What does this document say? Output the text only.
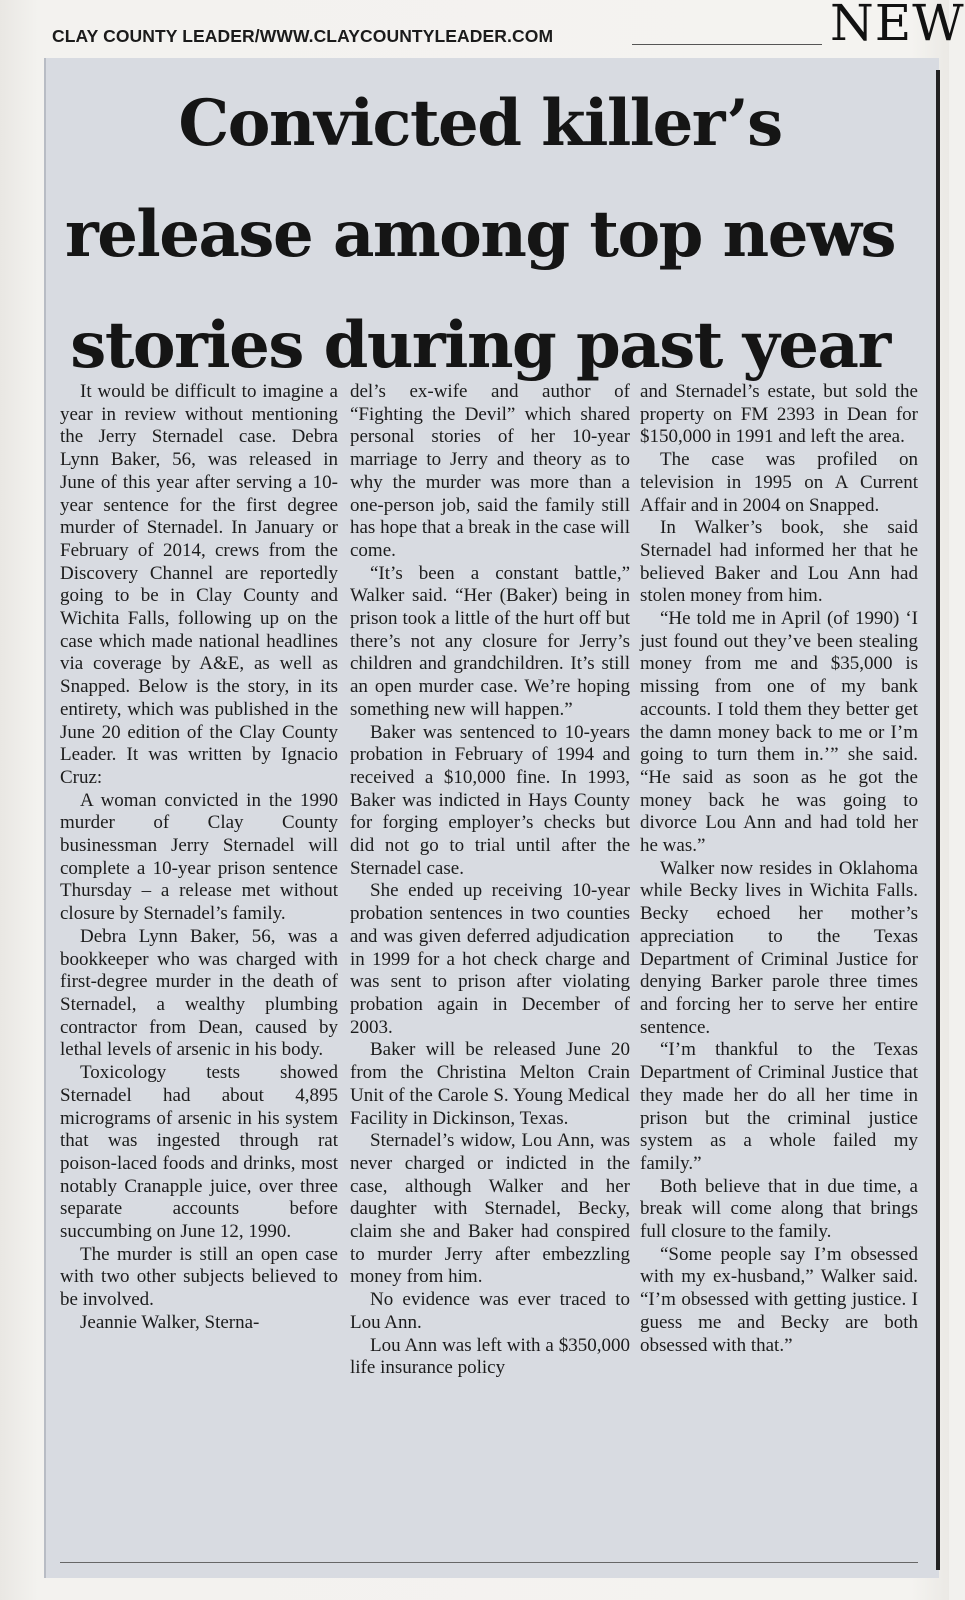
CLAY COUNTY LEADER/WWW.CLAYCOUNTYLEADER.COM	NEW
Convicted killer’s release among top news stories during past year

It would be difficult to imagine a year in review without mentioning the Jerry Sternadel case. Debra Lynn Baker, 56, was released in June of this year after serving a 10-year sentence for the first degree murder of Sternadel. In January or February of 2014, crews from the Discovery Channel are reportedly going to be in Clay County and Wichita Falls, following up on the case which made national headlines via coverage by A&E, as well as Snapped. Below is the story, in its entirety, which was published in the June 20 edition of the Clay County Leader. It was written by Ignacio Cruz:

A woman convicted in the 1990 murder of Clay County businessman Jerry Sternadel will complete a 10-year prison sentence Thursday – a release met without closure by Sternadel’s family.

Debra Lynn Baker, 56, was a bookkeeper who was charged with first-degree murder in the death of Sternadel, a wealthy plumbing contractor from Dean, caused by lethal levels of arsenic in his body.

Toxicology tests showed Sternadel had about 4,895 micrograms of arsenic in his system that was ingested through rat poison-laced foods and drinks, most notably Cranapple juice, over three separate accounts before succumbing on June 12, 1990.

The murder is still an open case with two other subjects believed to be involved.

Jeannie Walker, Sterna-

del’s ex-wife and author of “Fighting the Devil” which shared personal stories of her 10-year marriage to Jerry and theory as to why the murder was more than a one-person job, said the family still has hope that a break in the case will come.

“It’s been a constant battle,” Walker said. “Her (Baker) being in prison took a little of the hurt off but there’s not any closure for Jerry’s children and grandchildren. It’s still an open murder case. We’re hoping something new will happen.”

Baker was sentenced to 10-years probation in February of 1994 and received a $10,000 fine. In 1993, Baker was indicted in Hays County for forging employer’s checks but did not go to trial until after the Sternadel case.

She ended up receiving 10-year probation sentences in two counties and was given deferred adjudication in 1999 for a hot check charge and was sent to prison after violating probation again in December of 2003.

Baker will be released June 20 from the Christina Melton Crain Unit of the Carole S. Young Medical Facility in Dickinson, Texas.

Sternadel’s widow, Lou Ann, was never charged or indicted in the case, although Walker and her daughter with Sternadel, Becky, claim she and Baker had conspired to murder Jerry after embezzling money from him.

No evidence was ever traced to Lou Ann.

Lou Ann was left with a $350,000 life insurance policy

and Sternadel’s estate, but sold the property on FM 2393 in Dean for $150,000 in 1991 and left the area.

The case was profiled on television in 1995 on A Current Affair and in 2004 on Snapped.

In Walker’s book, she said Sternadel had informed her that he believed Baker and Lou Ann had stolen money from him.

“He told me in April (of 1990) ‘I just found out they’ve been stealing money from me and $35,000 is missing from one of my bank accounts. I told them they better get the damn money back to me or I’m going to turn them in.’” she said. “He said as soon as he got the money back he was going to divorce Lou Ann and had told her he was.”

Walker now resides in Oklahoma while Becky lives in Wichita Falls. Becky echoed her mother’s appreciation to the Texas Department of Criminal Justice for denying Barker parole three times and forcing her to serve her entire sentence.

“I’m thankful to the Texas Department of Criminal Justice that they made her do all her time in prison but the criminal justice system as a whole failed my family.”

Both believe that in due time, a break will come along that brings full closure to the family.

“Some people say I’m obsessed with my ex-husband,” Walker said. “I’m obsessed with getting justice. I guess me and Becky are both obsessed with that.”
